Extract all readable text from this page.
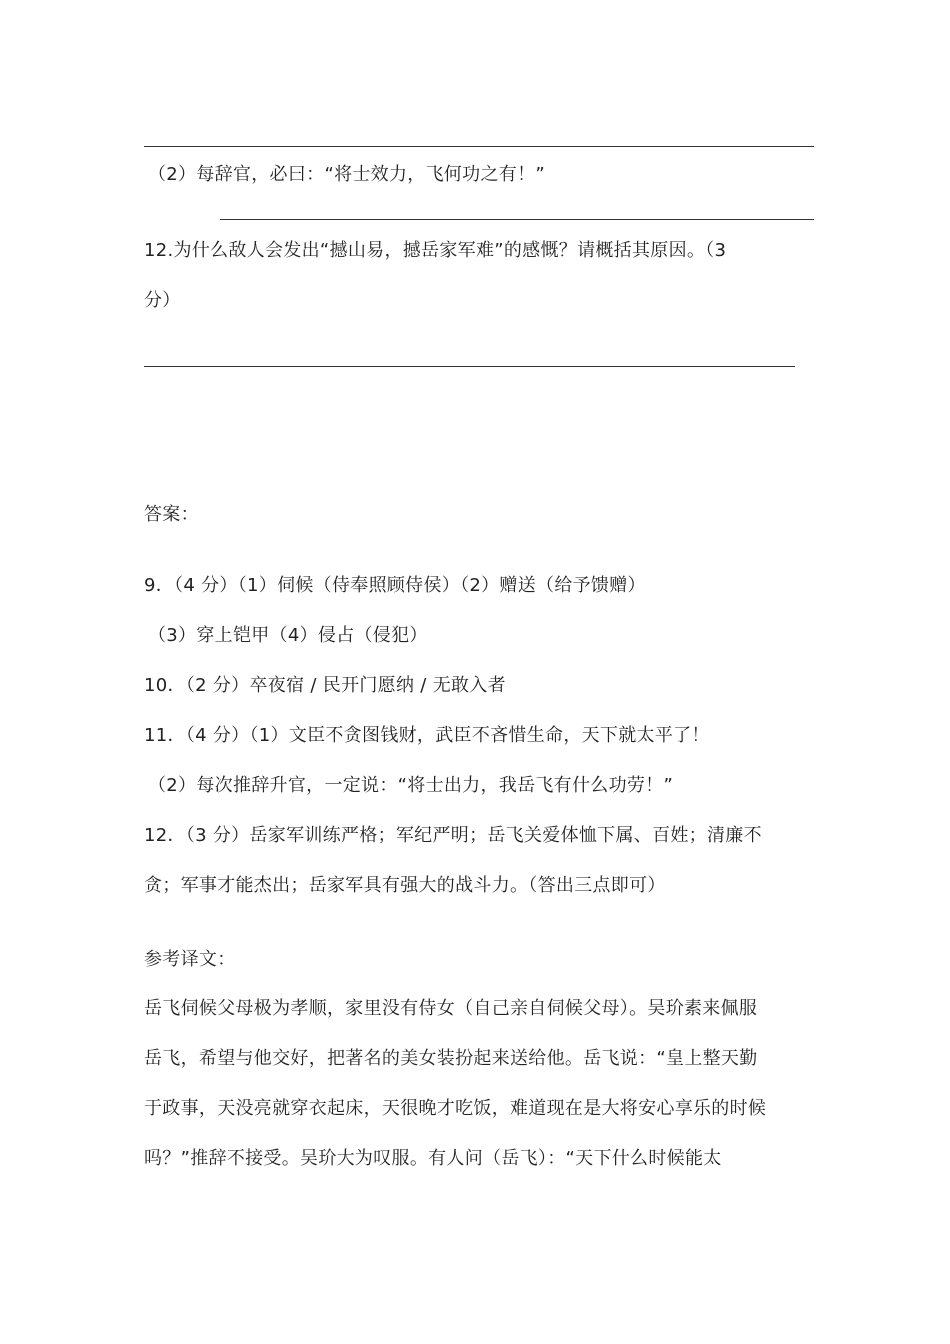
（2）每辞官，必曰：“将士效力，飞何功之有！”
12.为什么敌人会发出“撼山易，撼岳家军难”的感慨？请概括其原因。（3
分）
答案：
9．（4 分）（1）伺候（侍奉照顾侍侯）（2）赠送（给予馈赠）
（3）穿上铠甲（4）侵占（侵犯）
10．（2 分）卒夜宿 / 民开门愿纳 / 无敢入者
11．（4 分）（1）文臣不贪图钱财，武臣不吝惜生命，天下就太平了！
（2）每次推辞升官，一定说：“将士出力，我岳飞有什么功劳！”
12．（3 分）岳家军训练严格；军纪严明；岳飞关爱体恤下属、百姓；清廉不
贪；军事才能杰出；岳家军具有强大的战斗力。（答出三点即可）
参考译文：
岳飞伺候父母极为孝顺，家里没有侍女（自己亲自伺候父母）。吴玠素来佩服
岳飞，希望与他交好，把著名的美女装扮起来送给他。岳飞说：“皇上整天勤
于政事，天没亮就穿衣起床，天很晚才吃饭，难道现在是大将安心享乐的时候
吗？”推辞不接受。吴玠大为叹服。有人问（岳飞）：“天下什么时候能太
